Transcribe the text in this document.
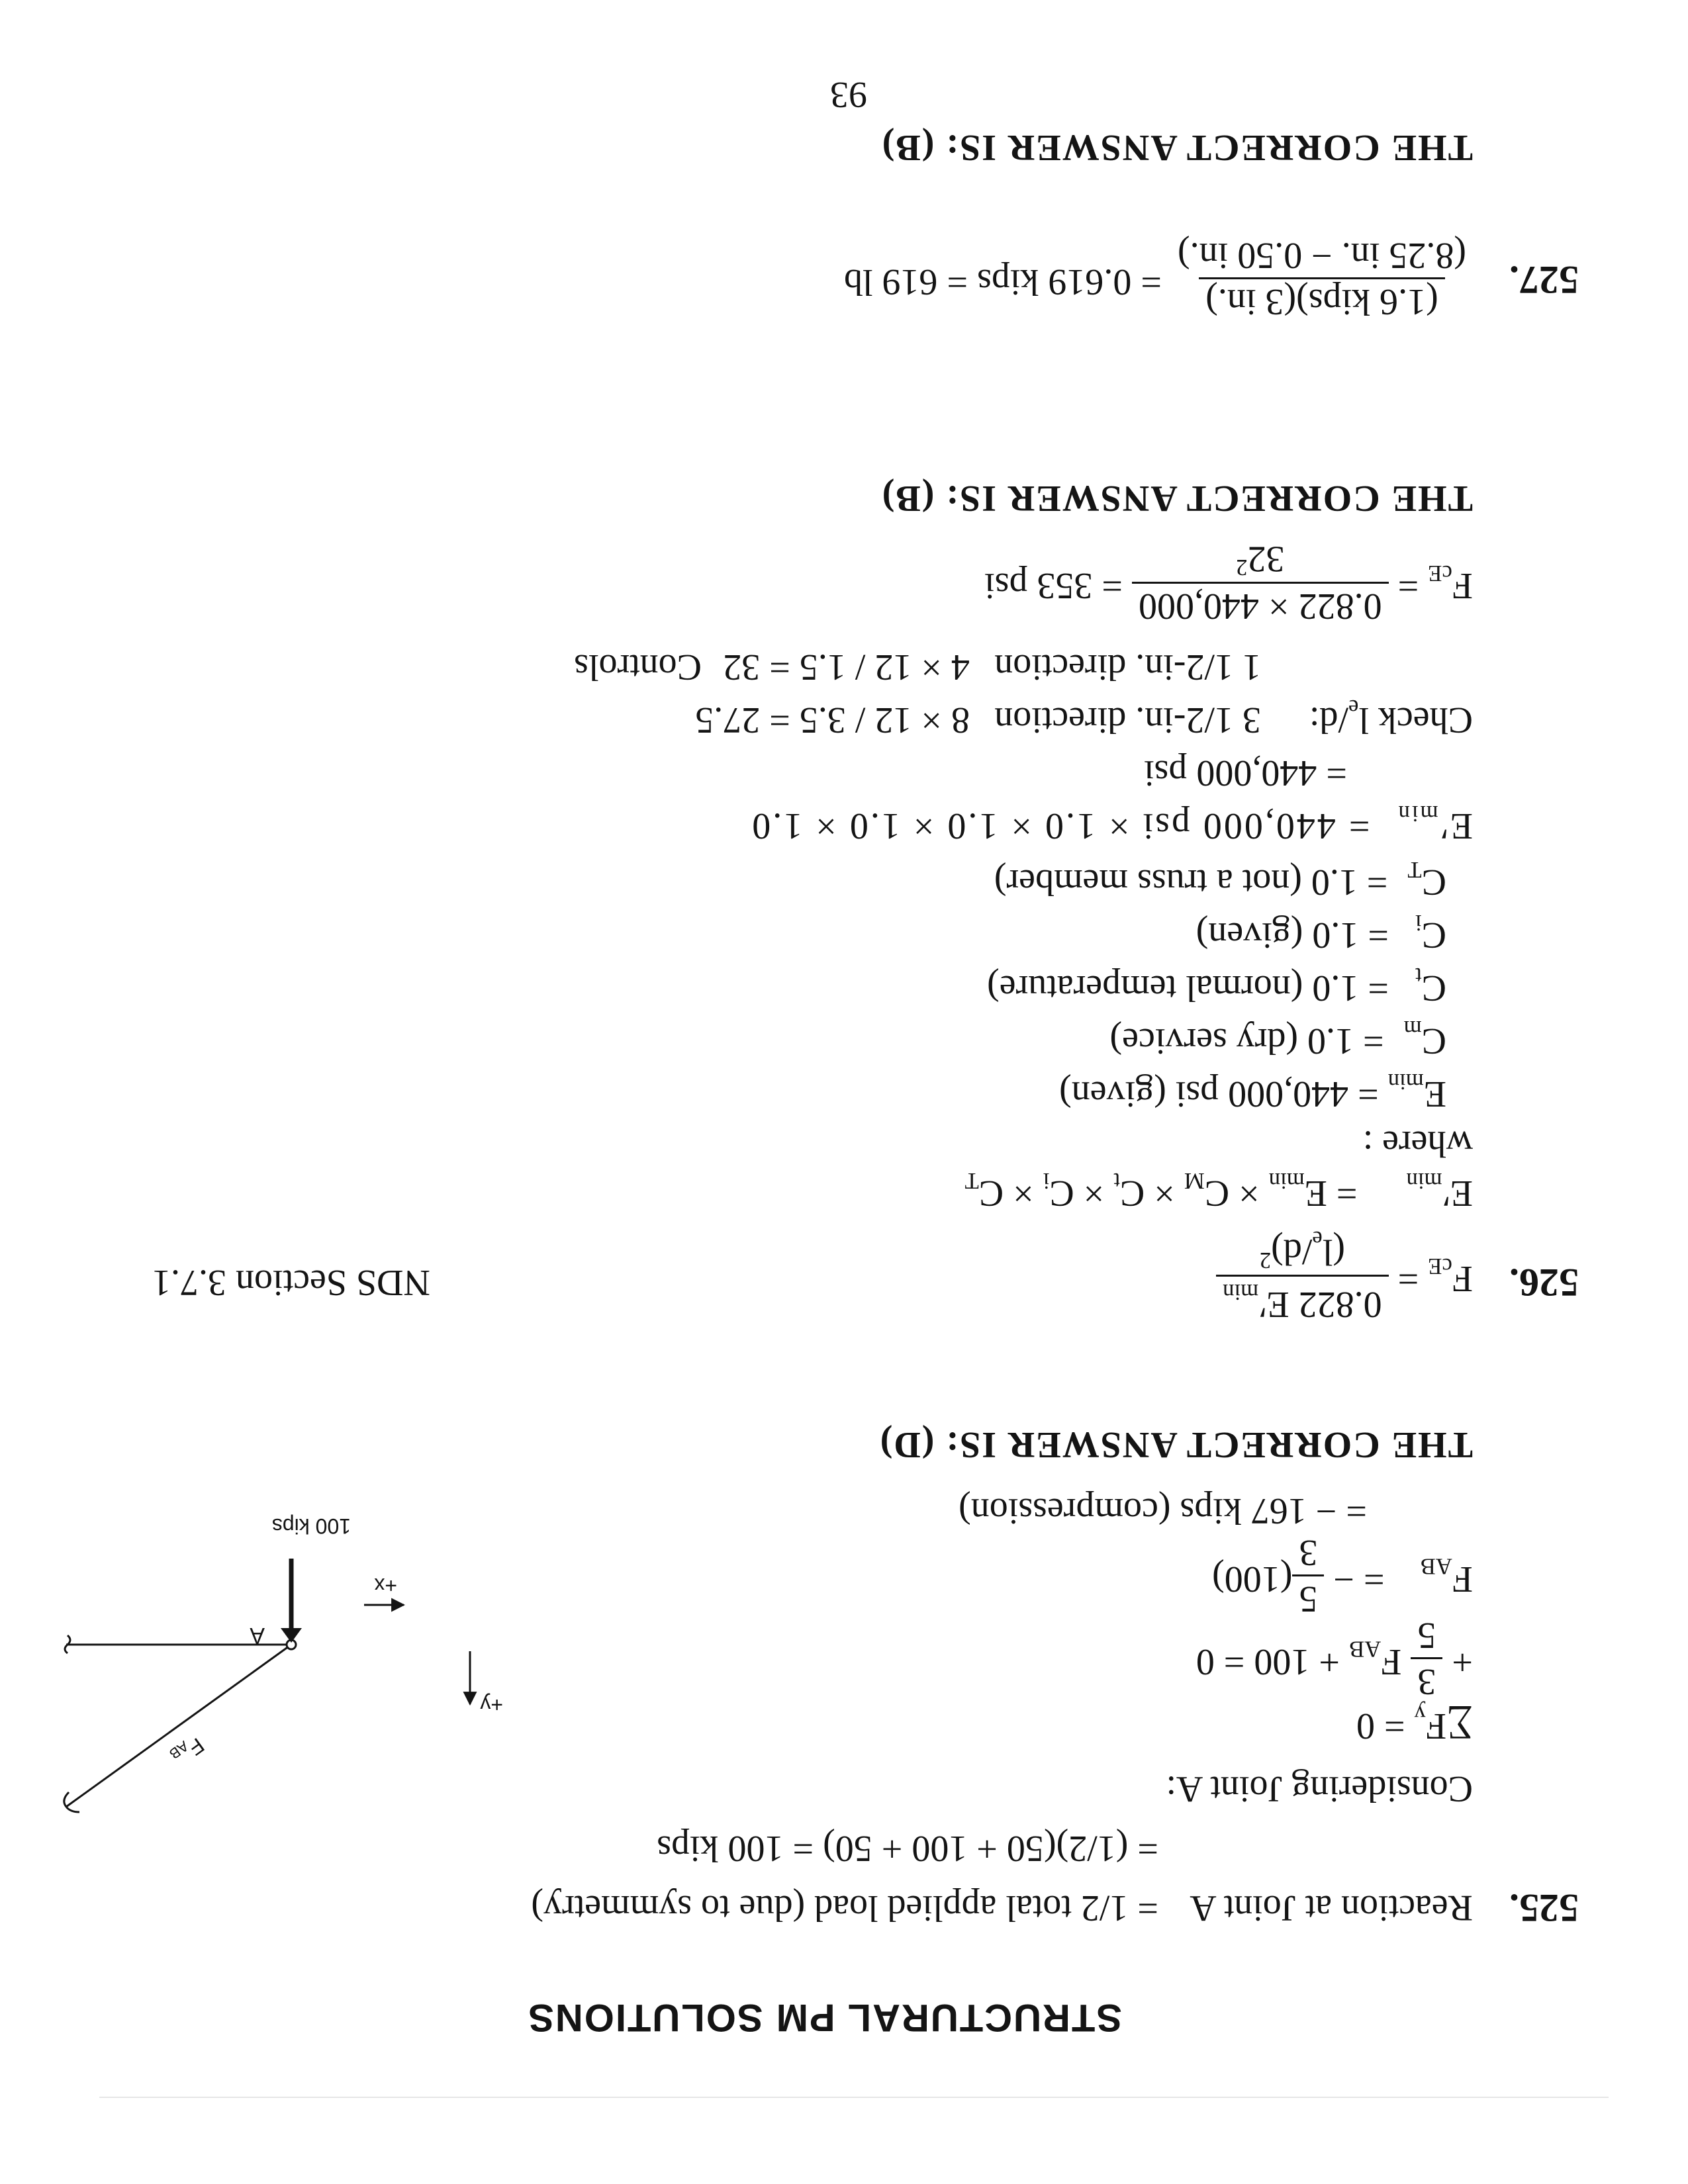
STRUCTURAL PM SOLUTIONS
525.
Reaction at Joint A
= 1/2 total applied load (due to symmetry)
= (1/2)(50 + 100 + 50) = 100 kips
Considering Joint A:
$\sum F_y = 0$
+
3
5
$F_{AB} + 100 = 0$
$F_{AB}$ = −
5
3
(100)
= − 167 kips (compression)
THE CORRECT ANSWER IS: (D)
A
100 kips
+y
+x
$F_{AB}$
526.
$F_{cE}$ =
0.822 $E'_{min}$
$(l_e/d)^2$
NDS Section 3.7.1
$E'_{min} = E_{min} \times C_M \times C_t \times C_i \times C_T$
where :
$E_{min} = 440,000$ psi (given)
$C_m= 1.0$ (dry service)
$C_t= 1.0$ (normal temperature)
$C_i= 1.0$ (given)
$C_T= 1.0$ (not a truss member)
$E'_{min}= 440,000$ psi × 1.0 × 1.0 × 1.0 × 1.0
= 440,000 psi
Check $l_e/d$:
3 1/2-in. direction
8 × 12 / 3.5 = 27.5
1 1/2-in. direction
4 × 12 / 1.5 = 32
Controls
$F_{cE}$ =
0.822 × 440,000
$32^2$
= 353 psi
THE CORRECT ANSWER IS: (B)
527.
(1.6 kips)(3 in.)
(8.25 in. − 0.50 in.)
= 0.619 kips = 619 lb
THE CORRECT ANSWER IS: (B)
93
